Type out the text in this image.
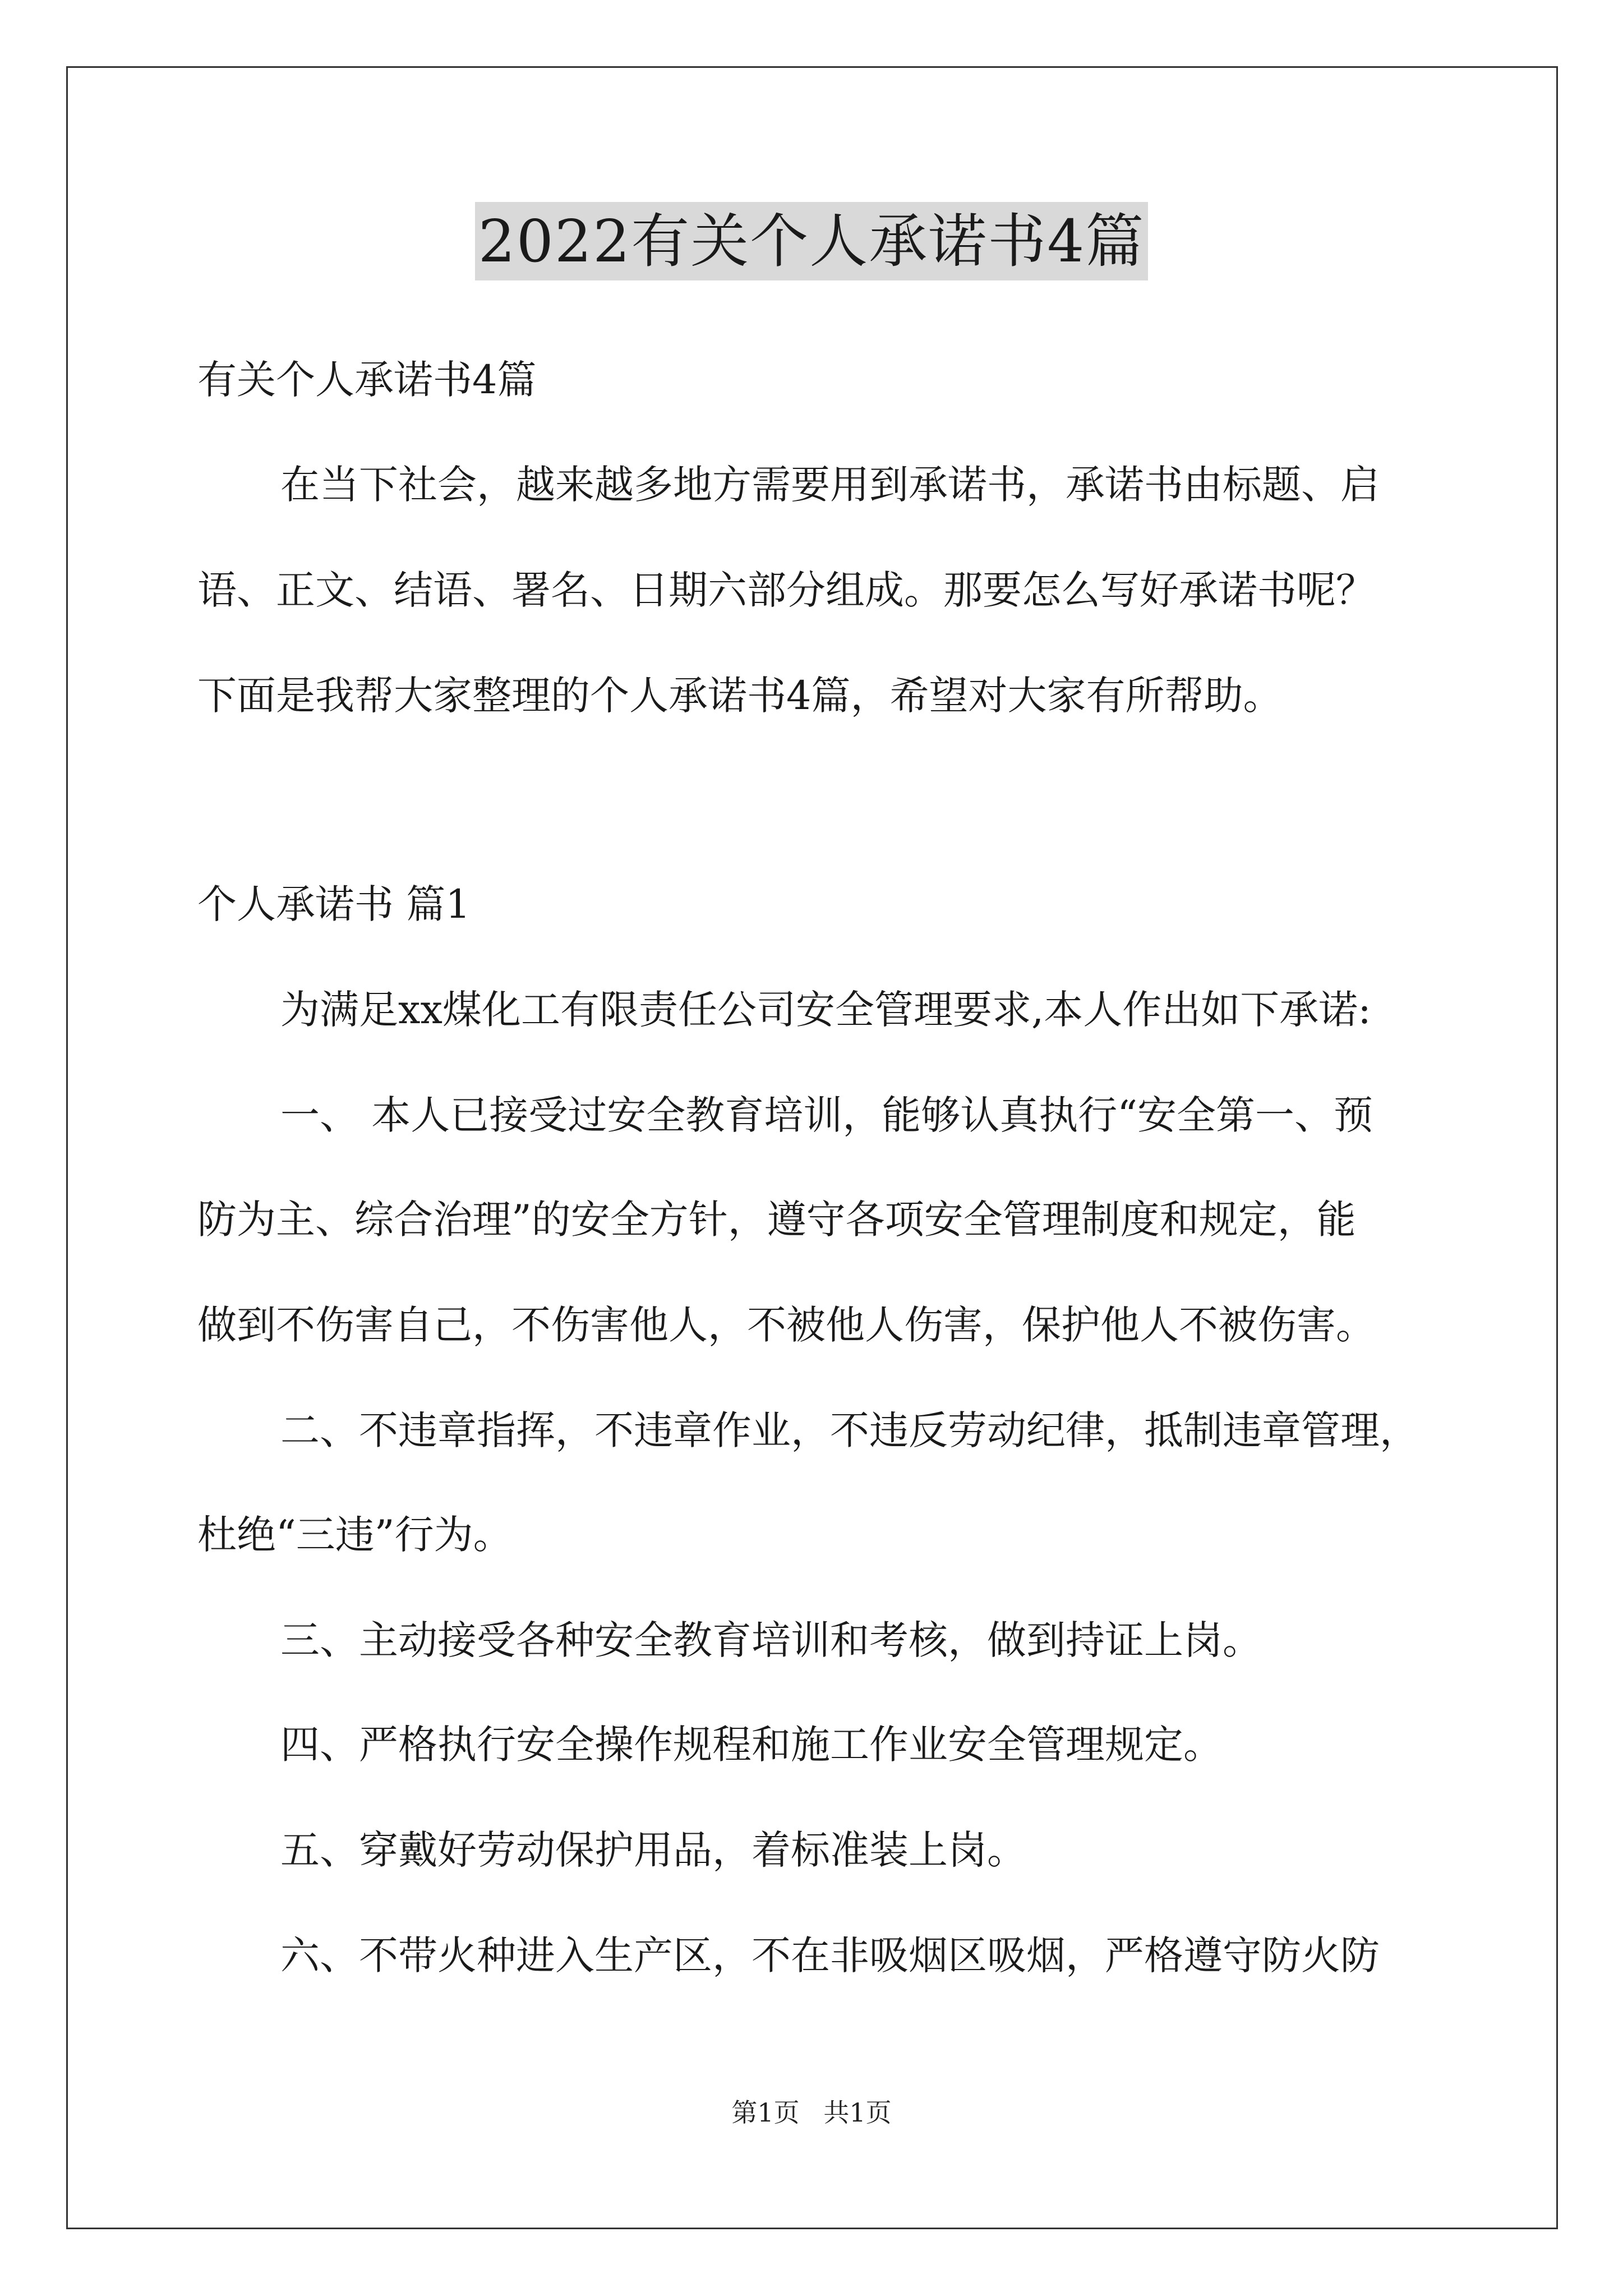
2022有关个人承诺书4篇
有关个人承诺书4篇
在当下社会，越来越多地方需要用到承诺书，承诺书由标题、启
语、正文、结语、署名、日期六部分组成。那要怎么写好承诺书呢？
下面是我帮大家整理的个人承诺书4篇，希望对大家有所帮助。
个人承诺书 篇1
为满足xx煤化工有限责任公司安全管理要求,本人作出如下承诺:
一、 本人已接受过安全教育培训，能够认真执行“安全第一、预
防为主、综合治理”的安全方针，遵守各项安全管理制度和规定，能
做到不伤害自己，不伤害他人，不被他人伤害，保护他人不被伤害。
二、不违章指挥，不违章作业，不违反劳动纪律，抵制违章管理，
杜绝“三违”行为。
三、主动接受各种安全教育培训和考核，做到持证上岗。
四、严格执行安全操作规程和施工作业安全管理规定。
五、穿戴好劳动保护用品，着标准装上岗。
六、不带火种进入生产区，不在非吸烟区吸烟，严格遵守防火防
第1页 共1页
